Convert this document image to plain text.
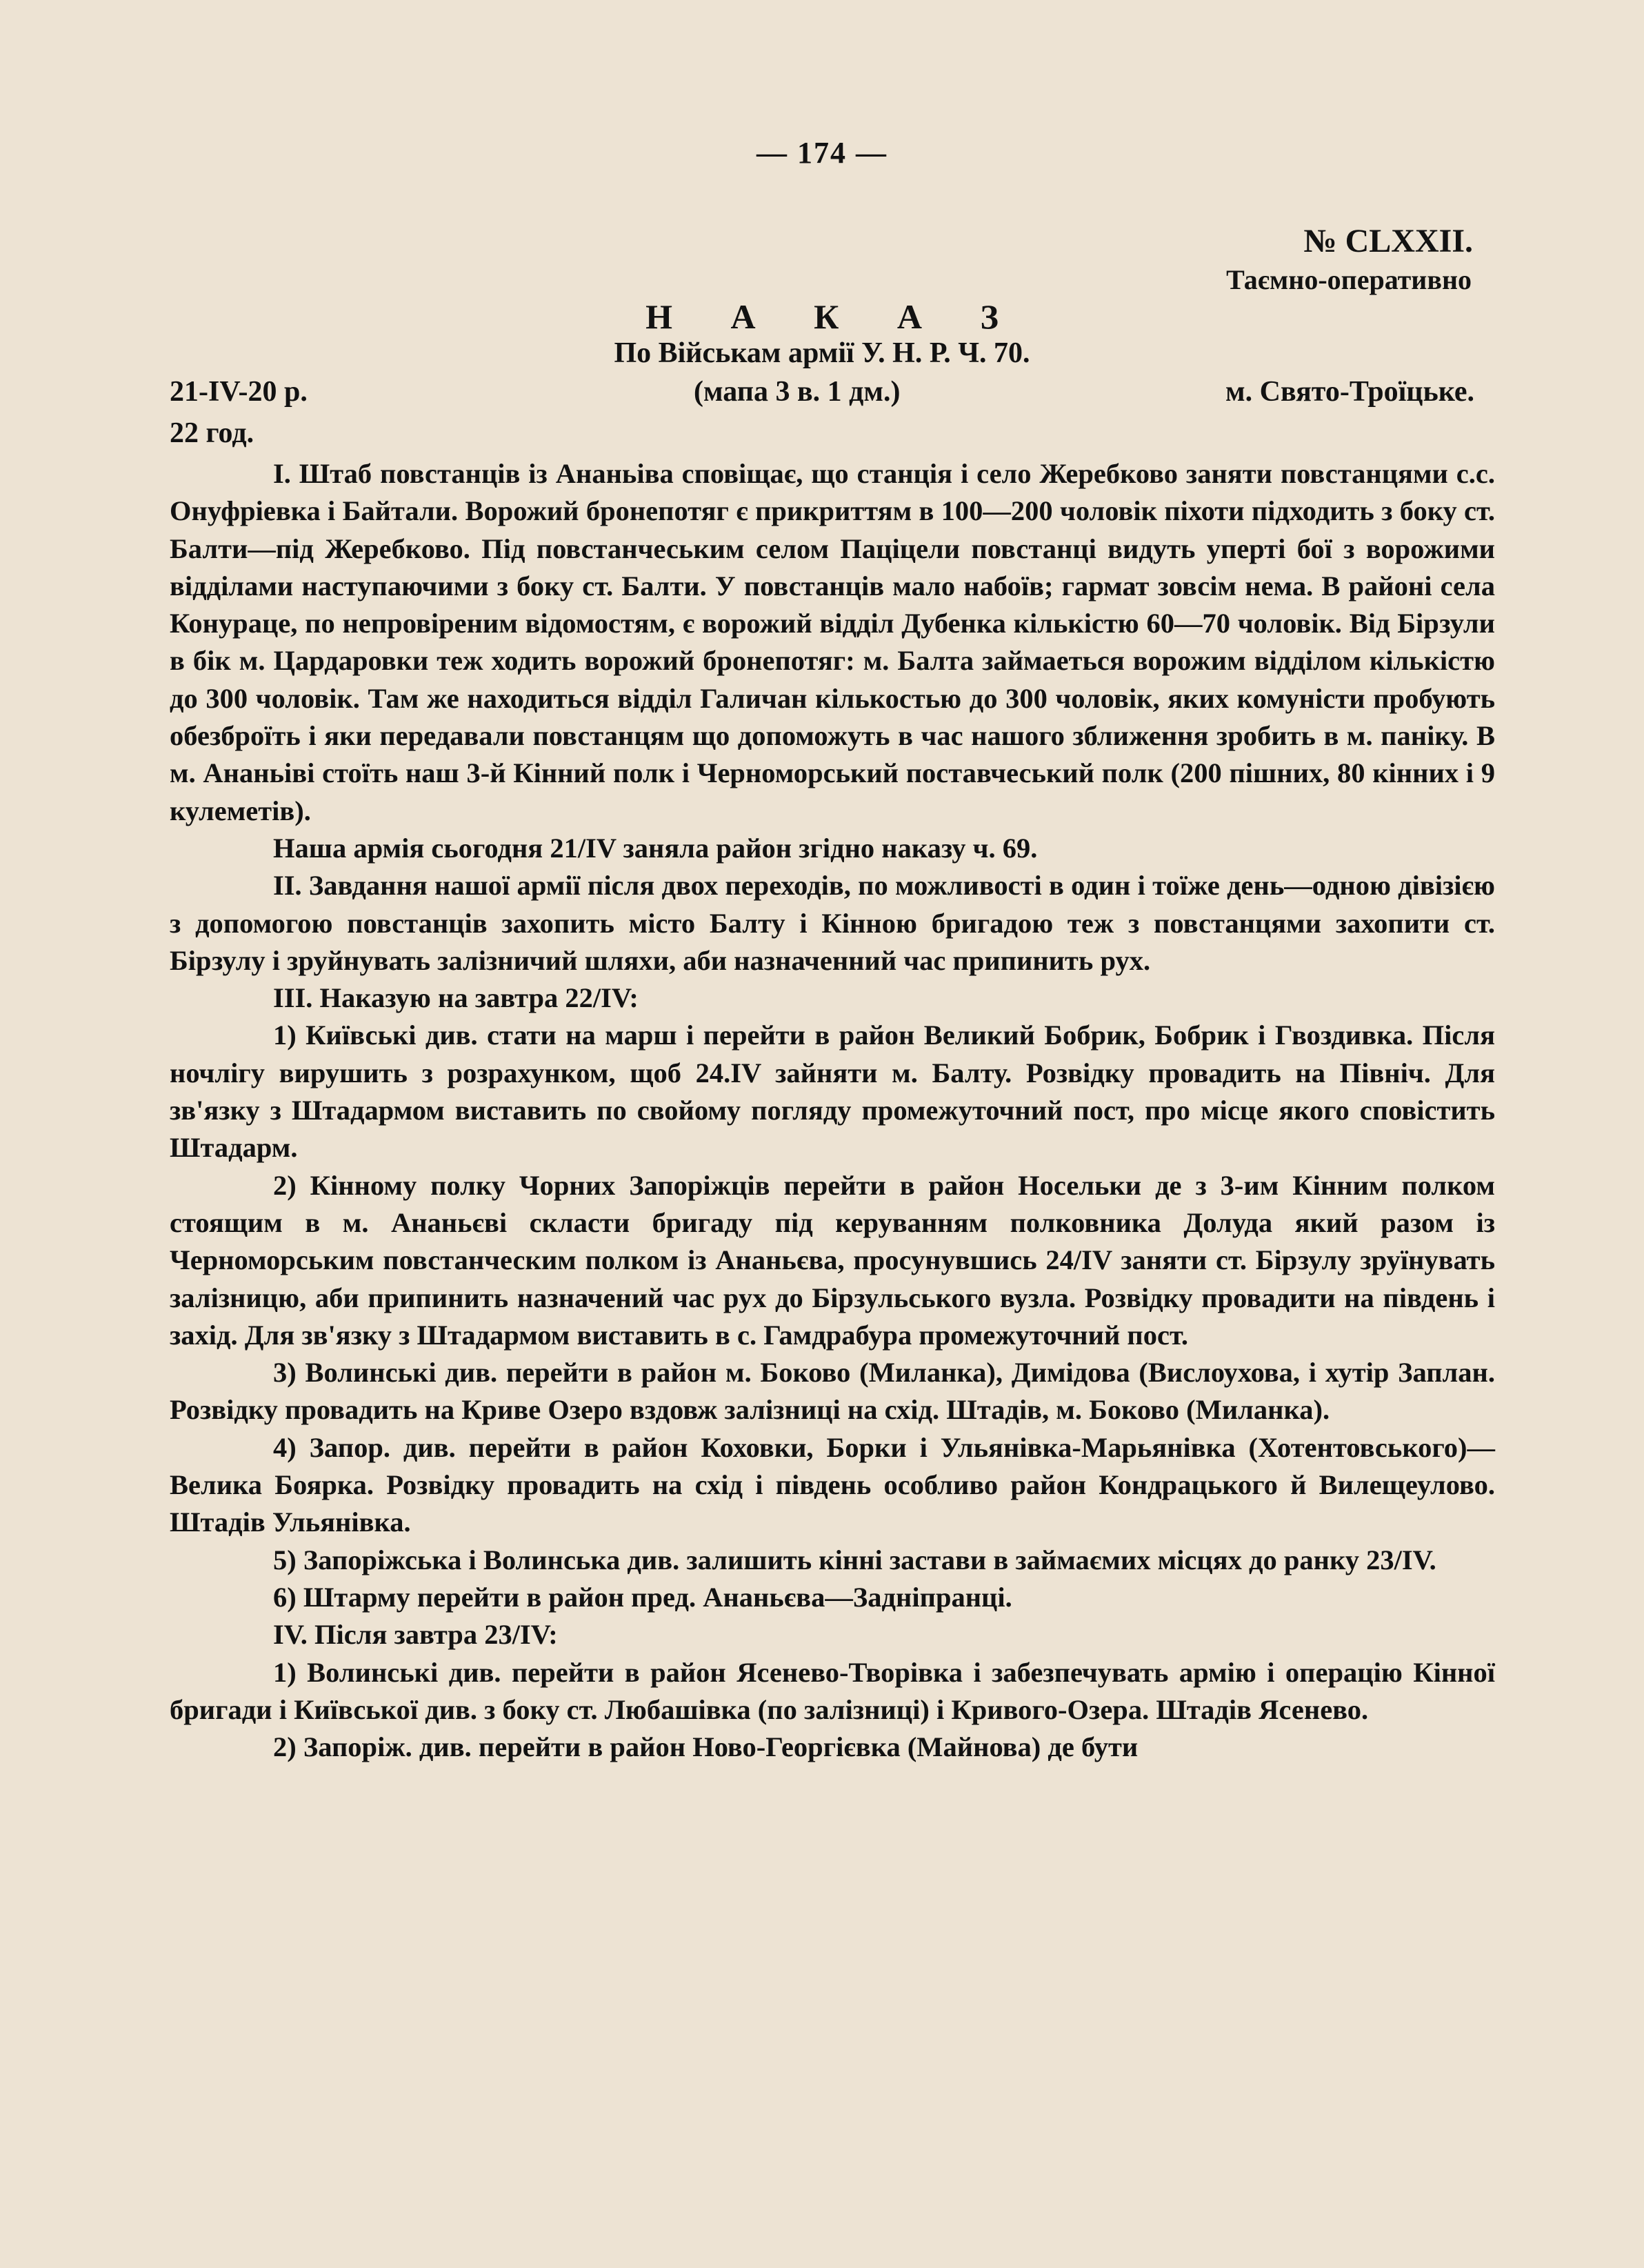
— 174 —
№ CLXXII.
Таємно-оперативно
Н А К А З
По Військам армії У. Н. Р. Ч. 70.
21-IV-20 р.	(мапа 3 в. 1 дм.)	м. Свято-Троїцьке.
22 год.

I. Штаб повстанців із Ананьіва сповіщає, що станція і село Жеребково заняти повстанцями с.с. Онуфріевка і Байтали. Ворожий бронепотяг є прикриттям в 100—200 чоловік піхоти підходить з боку ст. Балти—під Жеребково. Під повстанчеським селом Паціцели повстанці видуть уперті бої з ворожими відділами наступаючими з боку ст. Балти. У повстанців мало набоїв; гармат зовсім нема. В районі села Конураце, по непровіреним відомостям, є ворожий відділ Дубенка кількістю 60—70 чоловік. Від Бірзули в бік м. Цардаровки теж ходить ворожий бронепотяг: м. Балта займаеться ворожим відділом кількістю до 300 чоловік. Там же находиться відділ Галичан кількостью до 300 чоловік, яких комуністи пробують обезброїть і яки передавали повстанцям що допоможуть в час нашого зближення зробить в м. паніку. В м. Ананьіві стоїть наш 3-й Кінний полк і Черноморський поставчеський полк (200 пішних, 80 кінних і 9 кулеметів).

Наша армія сьогодня 21/IV заняла район згідно наказу ч. 69.

II. Завдання нашої армії після двох переходів, по можливості в один і тоїже день—одною дівізією з допомогою повстанців захопить місто Балту і Кінною бригадою теж з повстанцями захопити ст. Бірзулу і зруйнувать залізничий шляхи, аби назначенний час припинить рух.

III. Наказую на завтра 22/IV:

1) Київські див. стати на марш і перейти в район Великий Бобрик, Бобрик і Гвоздивка. Після ночлігу вирушить з розрахунком, щоб 24.IV зайняти м. Балту. Розвідку провадить на Північ. Для зв'язку з Штадармом виставить по свойому погляду промежуточний пост, про місце якого сповістить Штадарм.

2) Кінному полку Чорних Запоріжців перейти в район Носельки де з 3-им Кінним полком стоящим в м. Ананьєві скласти бригаду під керуванням полковника Долуда який разом із Черноморським повстанческим полком із Ананьєва, просунувшись 24/IV заняти ст. Бірзулу зруїнувать залізницю, аби припинить назначений час рух до Бірзульського вузла. Розвідку провадити на південь і захід. Для зв'язку з Штадармом виставить в с. Гамдрабура промежуточний пост.

3) Волинські див. перейти в район м. Боково (Миланка), Димідова (Вислоухова, і хутір Заплан. Розвідку провадить на Криве Озеро вздовж залізниці на схід. Штадів, м. Боково (Миланка).

4) Запор. див. перейти в район Коховки, Борки і Ульянівка-Марьянівка (Хотентовського)—Велика Боярка. Розвідку провадить на схід і південь особливо район Кондрацького й Вилещеулово. Штадів Ульянівка.

5) Запоріжська і Волинська див. залишить кінні застави в займаємих місцях до ранку 23/IV.

6) Штарму перейти в район пред. Ананьєва—Задніпранці.

IV. Після завтра 23/IV:

1) Волинські див. перейти в район Ясенево-Творівка і забезпечувать армію і операцію Кінної бригади і Київської див. з боку ст. Любашівка (по залізниці) і Кривого-Озера. Штадів Ясенево.

2) Запоріж. див. перейти в район Ново-Георгієвка (Майнова) де бути
